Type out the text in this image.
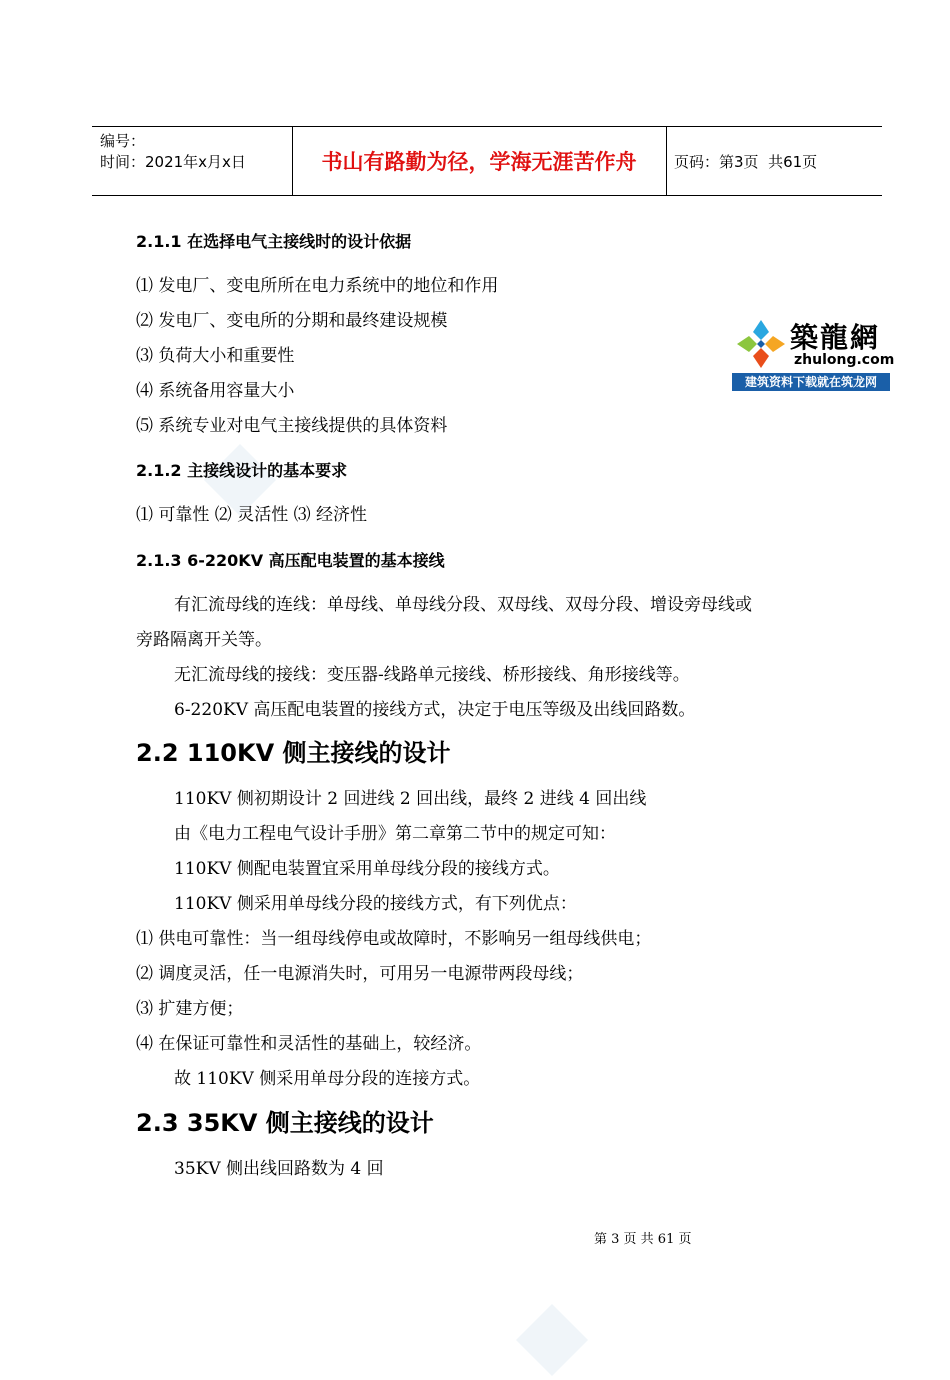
编号：
时间：2021年x月x日	书山有路勤为径，学海无涯苦作舟	页码：第3页  共61页
築龍網
zhulong.com
建筑资料下载就在筑龙网
2.1.1 在选择电气主接线时的设计依据
⑴ 发电厂、变电所所在电力系统中的地位和作用
⑵ 发电厂、变电所的分期和最终建设规模
⑶ 负荷大小和重要性
⑷ 系统备用容量大小
⑸ 系统专业对电气主接线提供的具体资料
2.1.2 主接线设计的基本要求
⑴ 可靠性 ⑵ 灵活性 ⑶ 经济性
2.1.3 6-220KV 高压配电装置的基本接线
有汇流母线的连线：单母线、单母线分段、双母线、双母分段、增设旁母线或
旁路隔离开关等。
无汇流母线的接线：变压器-线路单元接线、桥形接线、角形接线等。
6-220KV 高压配电装置的接线方式，决定于电压等级及出线回路数。
2.2 110KV 侧主接线的设计
110KV 侧初期设计 2 回进线 2 回出线，最终 2 进线 4 回出线
由《电力工程电气设计手册》第二章第二节中的规定可知：
110KV 侧配电装置宜采用单母线分段的接线方式。
110KV 侧采用单母线分段的接线方式，有下列优点：
⑴ 供电可靠性：当一组母线停电或故障时，不影响另一组母线供电；
⑵ 调度灵活，任一电源消失时，可用另一电源带两段母线；
⑶ 扩建方便；
⑷ 在保证可靠性和灵活性的基础上，较经济。
故 110KV 侧采用单母分段的连接方式。
2.3 35KV 侧主接线的设计
35KV 侧出线回路数为 4 回
第 3 页 共 61 页
